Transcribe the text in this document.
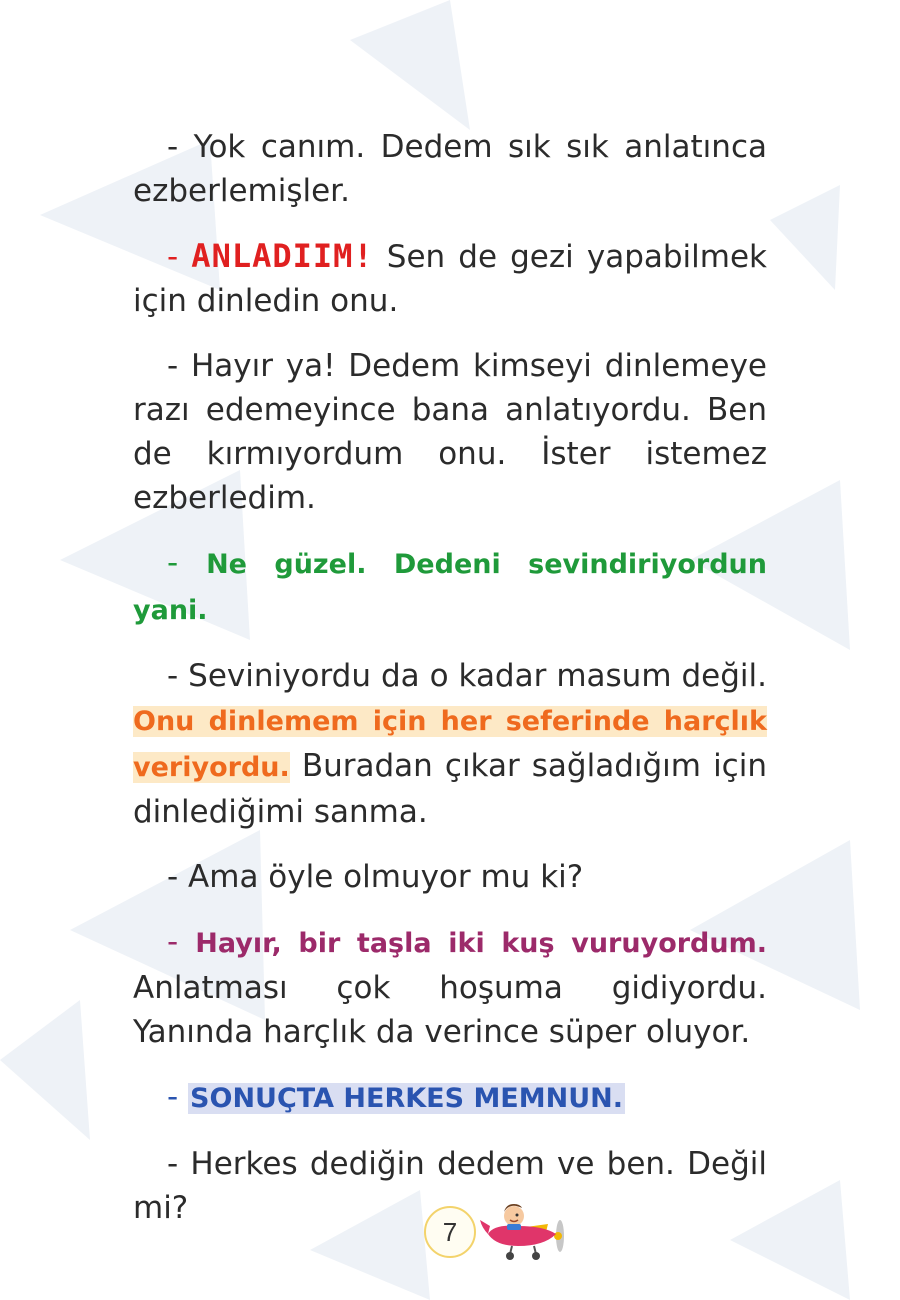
- Yok canım. Dedem sık sık anlatınca ezberlemişler.

- ANLADIIM! Sen de gezi yapabilmek için dinledin onu.

- Hayır ya! Dedem kimseyi dinlemeye razı edemeyince bana anlatıyordu. Ben de kırmıyordum onu. İster istemez ezberledim.

- Ne güzel. Dedeni sevindiriyordun yani.

- Seviniyordu da o kadar masum değil. Onu dinlemem için her seferinde harçlık veriyordu. Buradan çıkar sağladığım için dinlediğimi sanma.

- Ama öyle olmuyor mu ki?

- Hayır, bir taşla iki kuş vuruyordum. Anlatması çok hoşuma gidiyordu. Yanında harçlık da verince süper oluyor.

- SONUÇTA HERKES MEMNUN.

- Herkes dediğin dedem ve ben. Değil mi?

7
